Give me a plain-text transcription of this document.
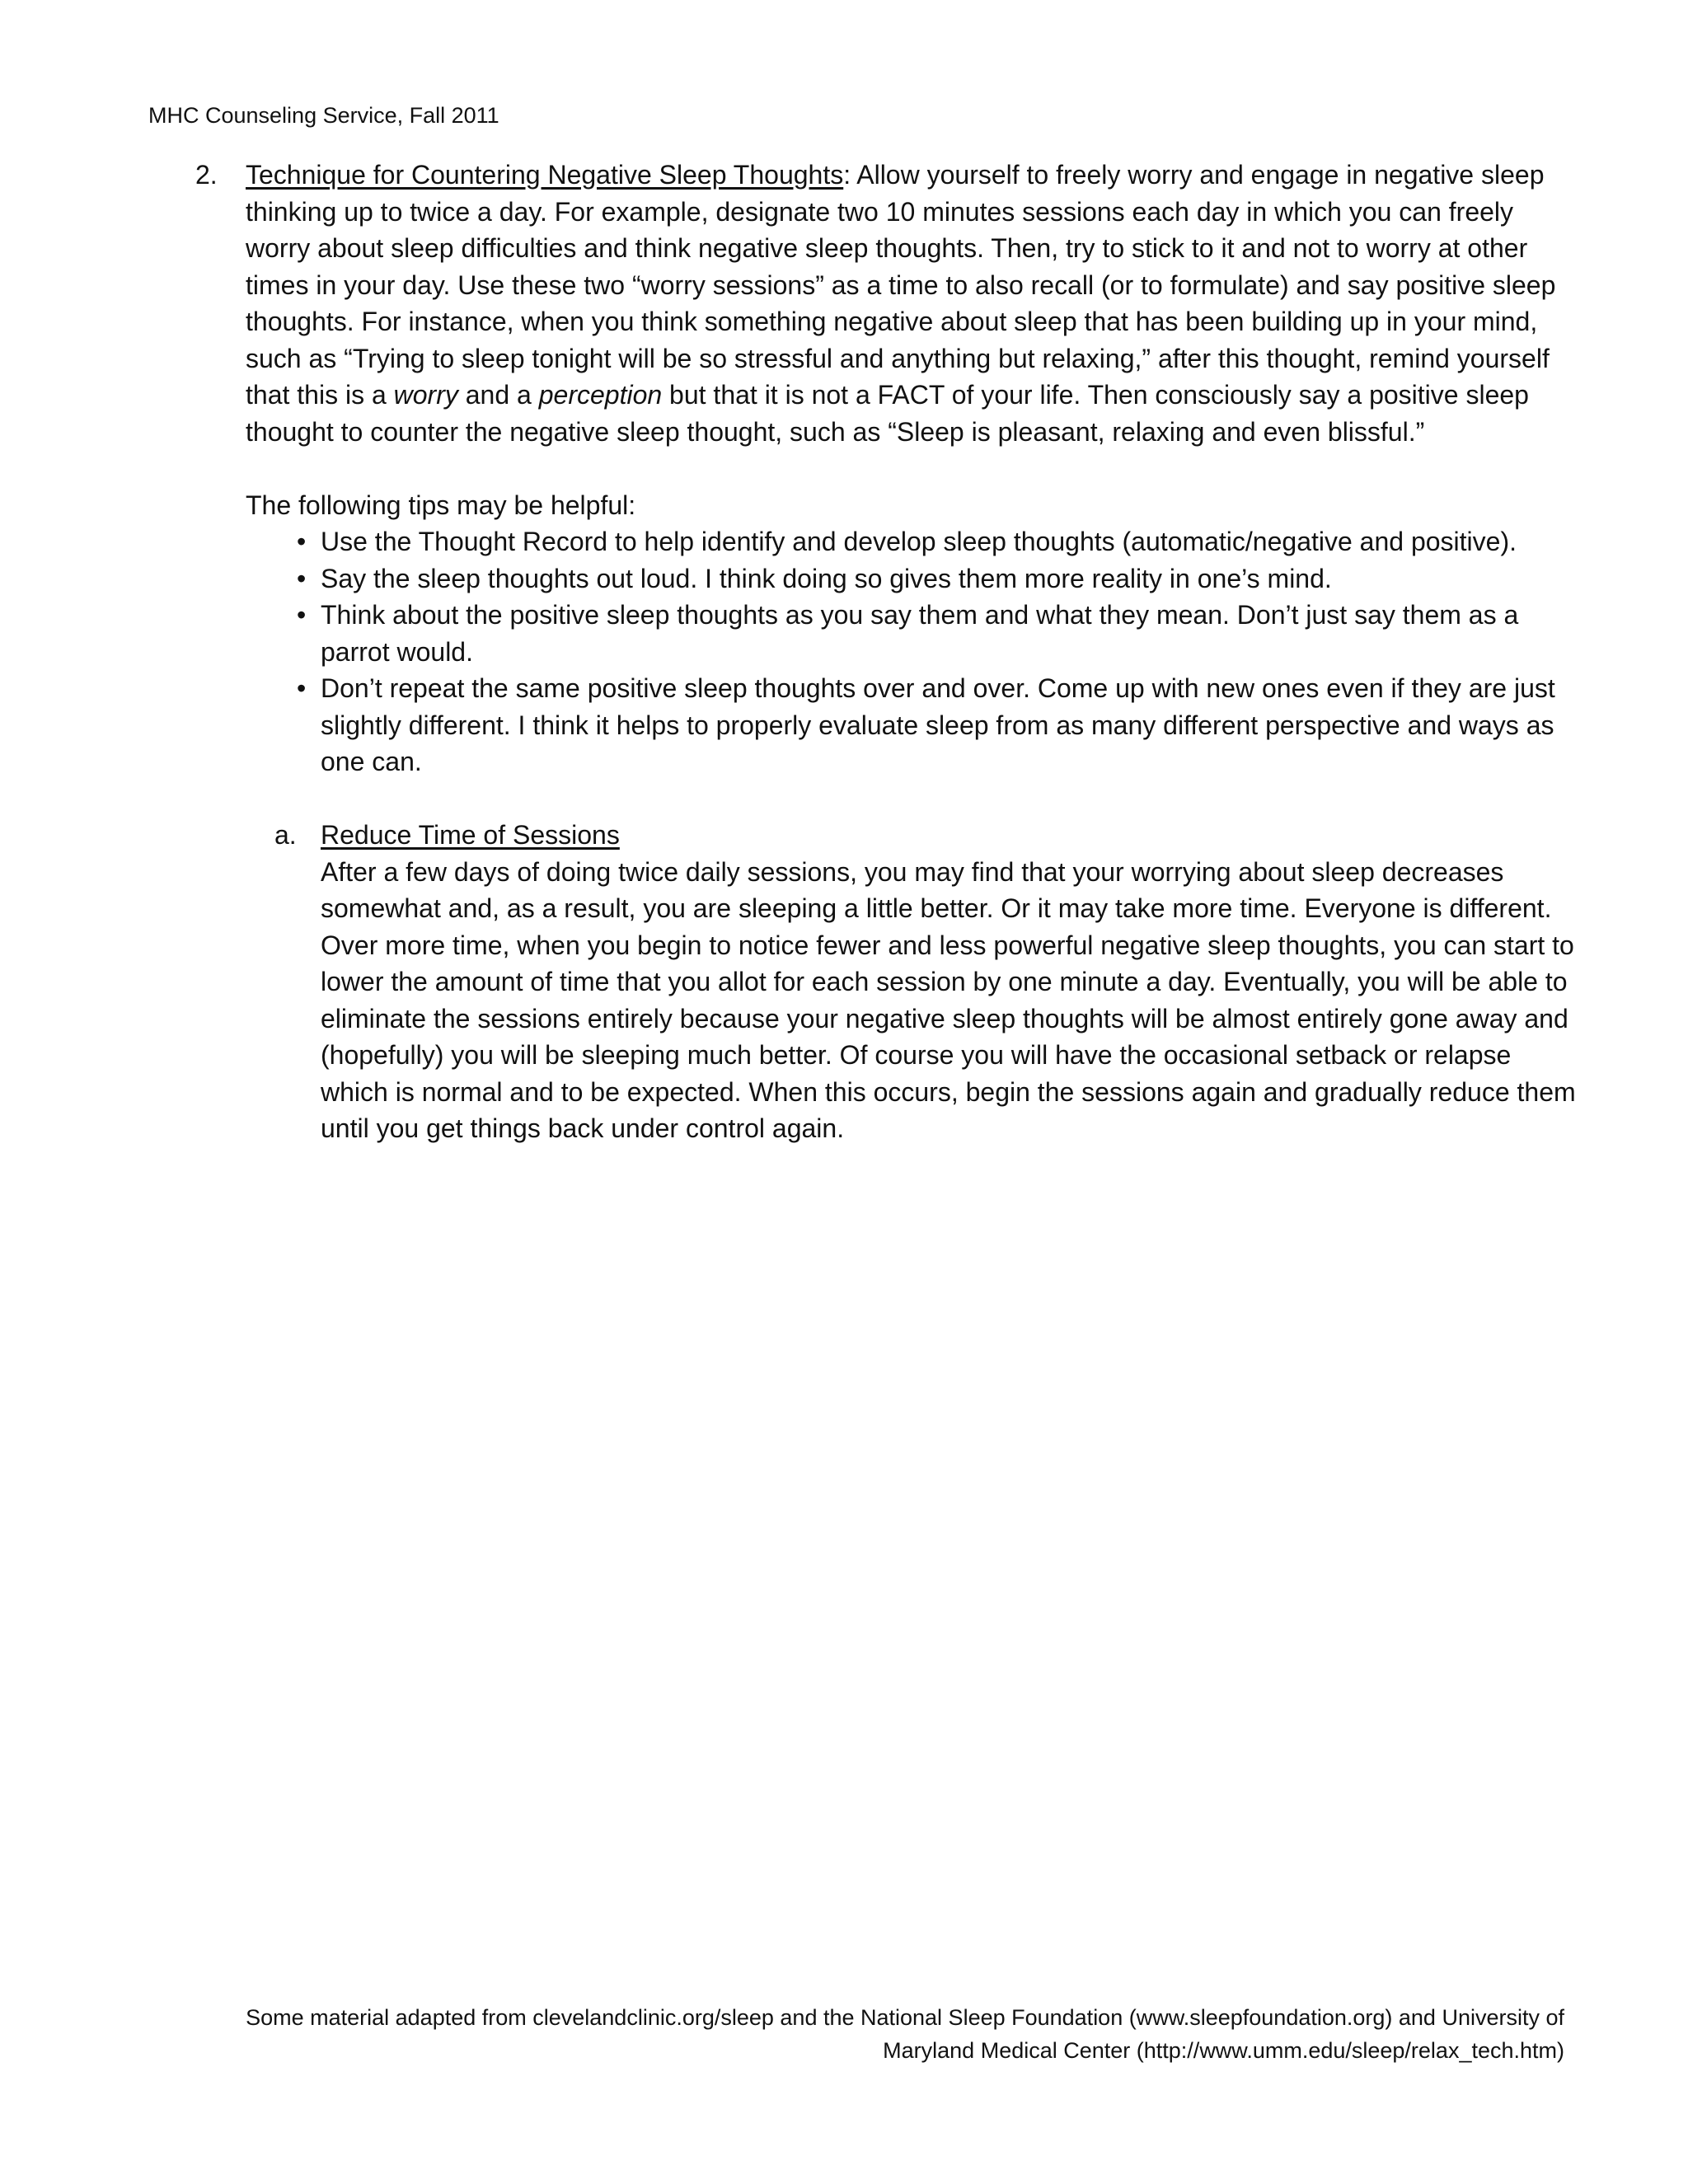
MHC Counseling Service, Fall 2011
2. Technique for Countering Negative Sleep Thoughts: Allow yourself to freely worry and engage in negative sleep thinking up to twice a day. For example, designate two 10 minutes sessions each day in which you can freely worry about sleep difficulties and think negative sleep thoughts. Then, try to stick to it and not to worry at other times in your day. Use these two “worry sessions” as a time to also recall (or to formulate) and say positive sleep thoughts. For instance, when you think something negative about sleep that has been building up in your mind, such as “Trying to sleep tonight will be so stressful and anything but relaxing,” after this thought, remind yourself that this is a worry and a perception but that it is not a FACT of your life. Then consciously say a positive sleep thought to counter the negative sleep thought, such as “Sleep is pleasant, relaxing and even blissful.”
The following tips may be helpful:
• Use the Thought Record to help identify and develop sleep thoughts (automatic/negative and positive).
• Say the sleep thoughts out loud. I think doing so gives them more reality in one’s mind.
• Think about the positive sleep thoughts as you say them and what they mean. Don’t just say them as a parrot would.
• Don’t repeat the same positive sleep thoughts over and over. Come up with new ones even if they are just slightly different. I think it helps to properly evaluate sleep from as many different perspective and ways as one can.
a. Reduce Time of Sessions
After a few days of doing twice daily sessions, you may find that your worrying about sleep decreases somewhat and, as a result, you are sleeping a little better. Or it may take more time. Everyone is different. Over more time, when you begin to notice fewer and less powerful negative sleep thoughts, you can start to lower the amount of time that you allot for each session by one minute a day. Eventually, you will be able to eliminate the sessions entirely because your negative sleep thoughts will be almost entirely gone away and (hopefully) you will be sleeping much better. Of course you will have the occasional setback or relapse which is normal and to be expected. When this occurs, begin the sessions again and gradually reduce them until you get things back under control again.
Some material adapted from clevelandclinic.org/sleep and the National Sleep Foundation (www.sleepfoundation.org) and University of
Maryland Medical Center (http://www.umm.edu/sleep/relax_tech.htm)
